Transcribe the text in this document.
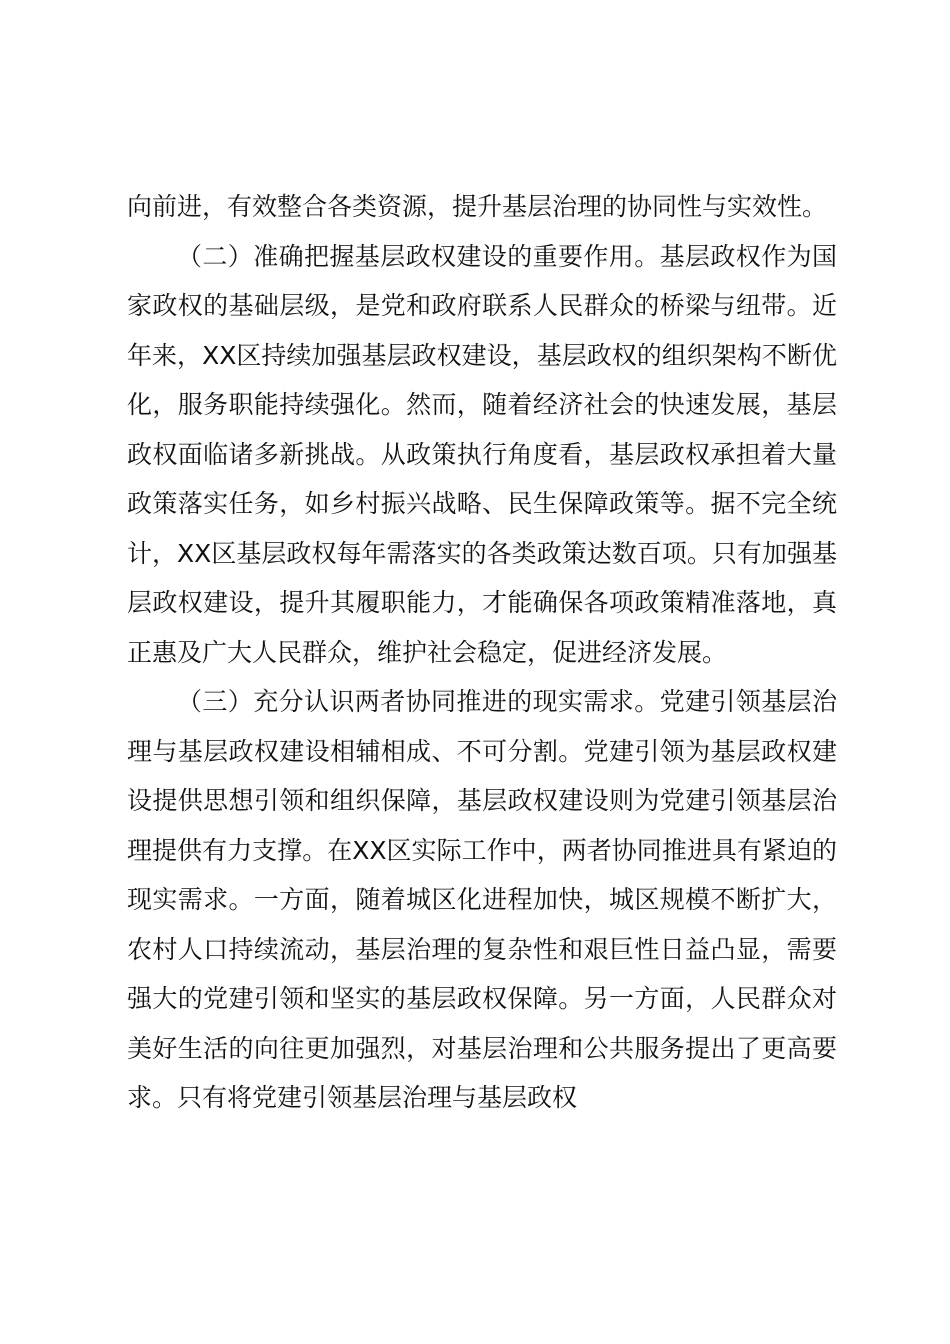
向前进，有效整合各类资源，提升基层治理的协同性与实效性。

（二）准确把握基层政权建设的重要作用。基层政权作为国家政权的基础层级，是党和政府联系人民群众的桥梁与纽带。近年来，XX区持续加强基层政权建设，基层政权的组织架构不断优化，服务职能持续强化。然而，随着经济社会的快速发展，基层政权面临诸多新挑战。从政策执行角度看，基层政权承担着大量政策落实任务，如乡村振兴战略、民生保障政策等。据不完全统计，XX区基层政权每年需落实的各类政策达数百项。只有加强基层政权建设，提升其履职能力，才能确保各项政策精准落地，真正惠及广大人民群众，维护社会稳定，促进经济发展。

（三）充分认识两者协同推进的现实需求。党建引领基层治理与基层政权建设相辅相成、不可分割。党建引领为基层政权建设提供思想引领和组织保障，基层政权建设则为党建引领基层治理提供有力支撑。在XX区实际工作中，两者协同推进具有紧迫的现实需求。一方面，随着城区化进程加快，城区规模不断扩大，农村人口持续流动，基层治理的复杂性和艰巨性日益凸显，需要强大的党建引领和坚实的基层政权保障。另一方面，人民群众对美好生活的向往更加强烈，对基层治理和公共服务提出了更高要求。只有将党建引领基层治理与基层政权
